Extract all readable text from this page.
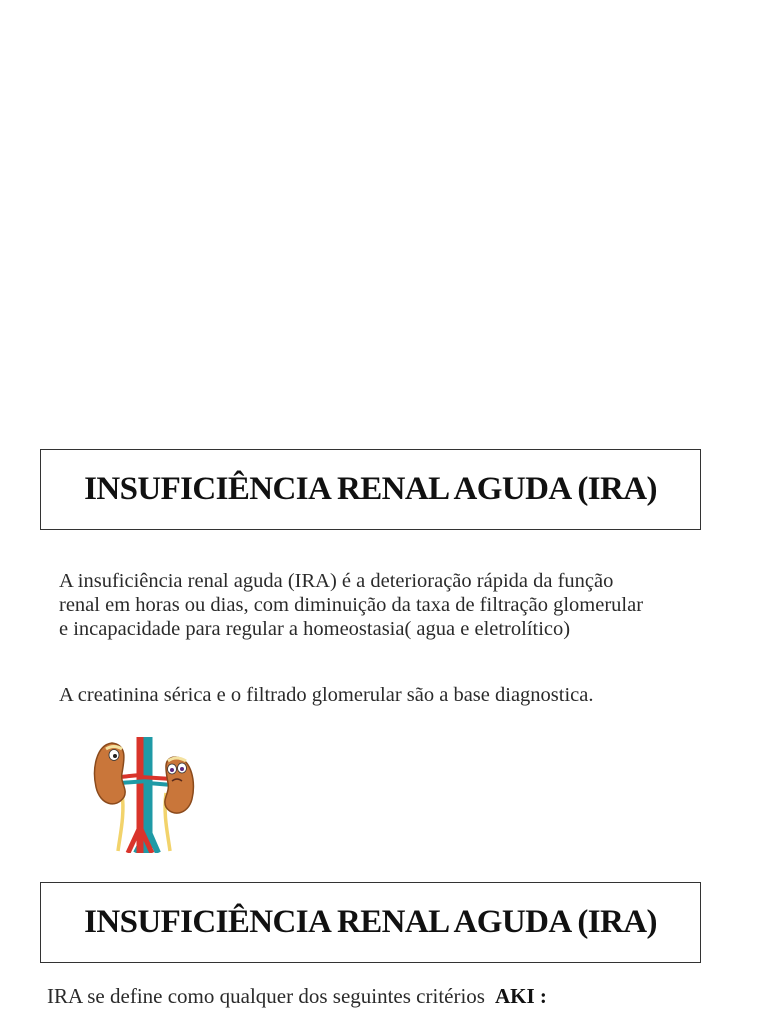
INSUFICIÊNCIA RENAL AGUDA (IRA)
A insuficiência renal aguda (IRA) é a deterioração rápida da função
renal em horas ou dias, com diminuição da taxa de filtração glomerular
e incapacidade para regular a homeostasia( agua e eletrolítico)
A creatinina sérica e o filtrado glomerular são a base diagnostica.
INSUFICIÊNCIA RENAL AGUDA (IRA)
IRA se define como qualquer dos seguintes critérios AKI :
